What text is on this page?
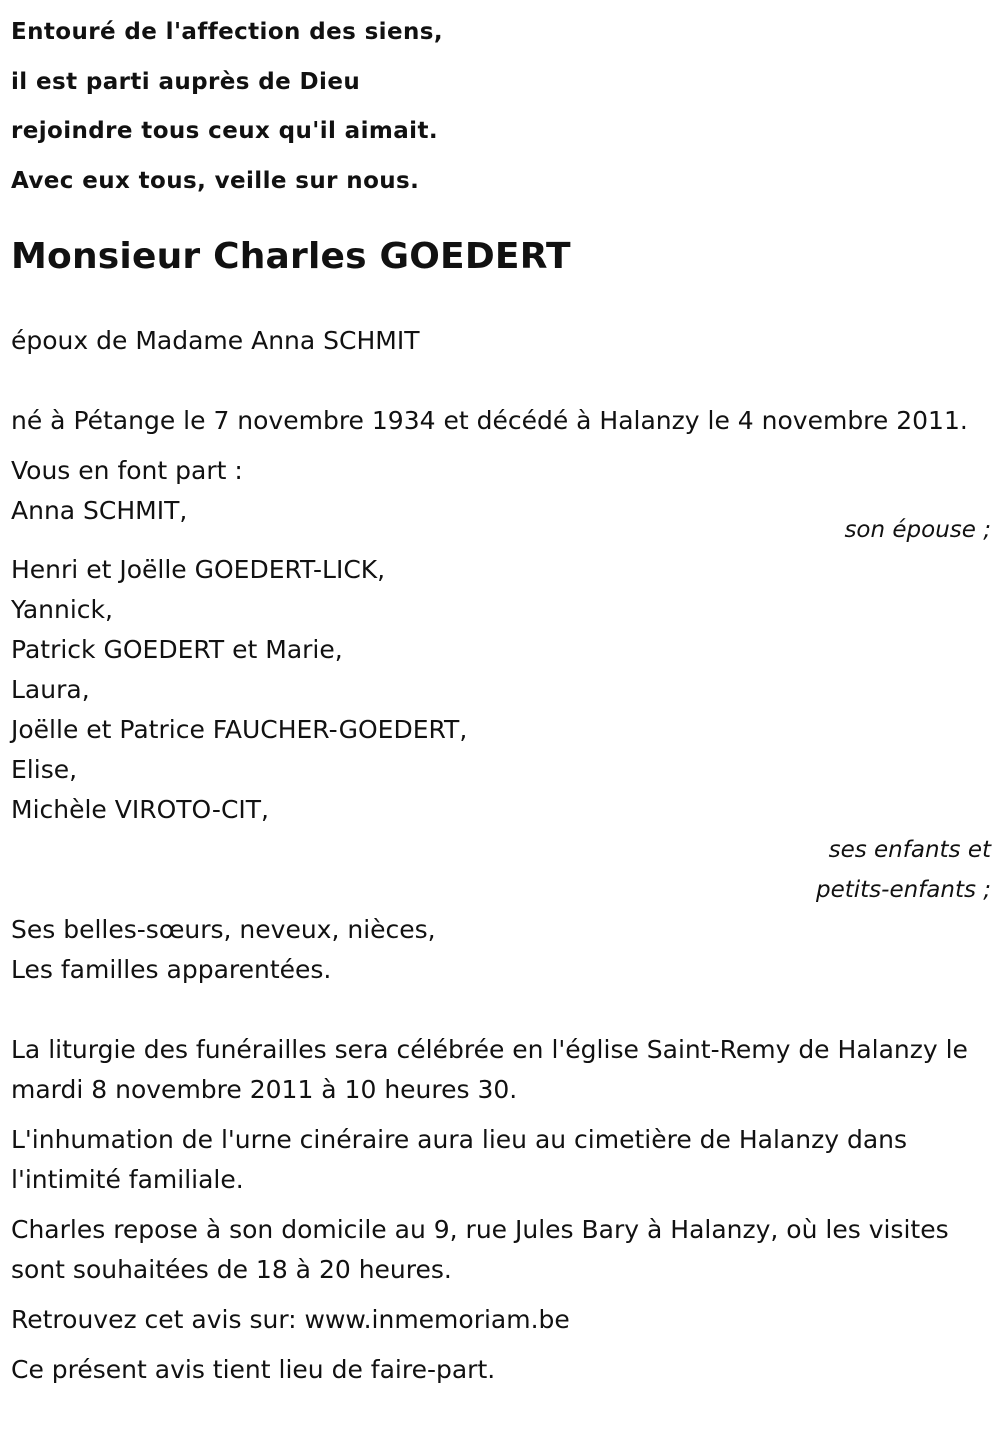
Entouré de l'affection des siens,
il est parti auprès de Dieu
rejoindre tous ceux qu'il aimait.
Avec eux tous, veille sur nous.
Monsieur Charles GOEDERT
époux de Madame Anna SCHMIT
né à Pétange le 7 novembre 1934 et décédé à Halanzy le 4 novembre 2011.
Vous en font part :
Anna SCHMIT,
son épouse ;
Henri et Joëlle GOEDERT-LICK,
Yannick,
Patrick GOEDERT et Marie,
Laura,
Joëlle et Patrice FAUCHER-GOEDERT,
Elise,
Michèle VIROTO-CIT,
ses enfants et petits-enfants ;
Ses belles-sœurs, neveux, nièces,
Les familles apparentées.
La liturgie des funérailles sera célébrée en l'église Saint-Remy de Halanzy le mardi 8 novembre 2011 à 10 heures 30.
L'inhumation de l'urne cinéraire aura lieu au cimetière de Halanzy dans l'intimité familiale.
Charles repose à son domicile au 9, rue Jules Bary à Halanzy, où les visites sont souhaitées de 18 à 20 heures.
Retrouvez cet avis sur: www.inmemoriam.be
Ce présent avis tient lieu de faire-part.
